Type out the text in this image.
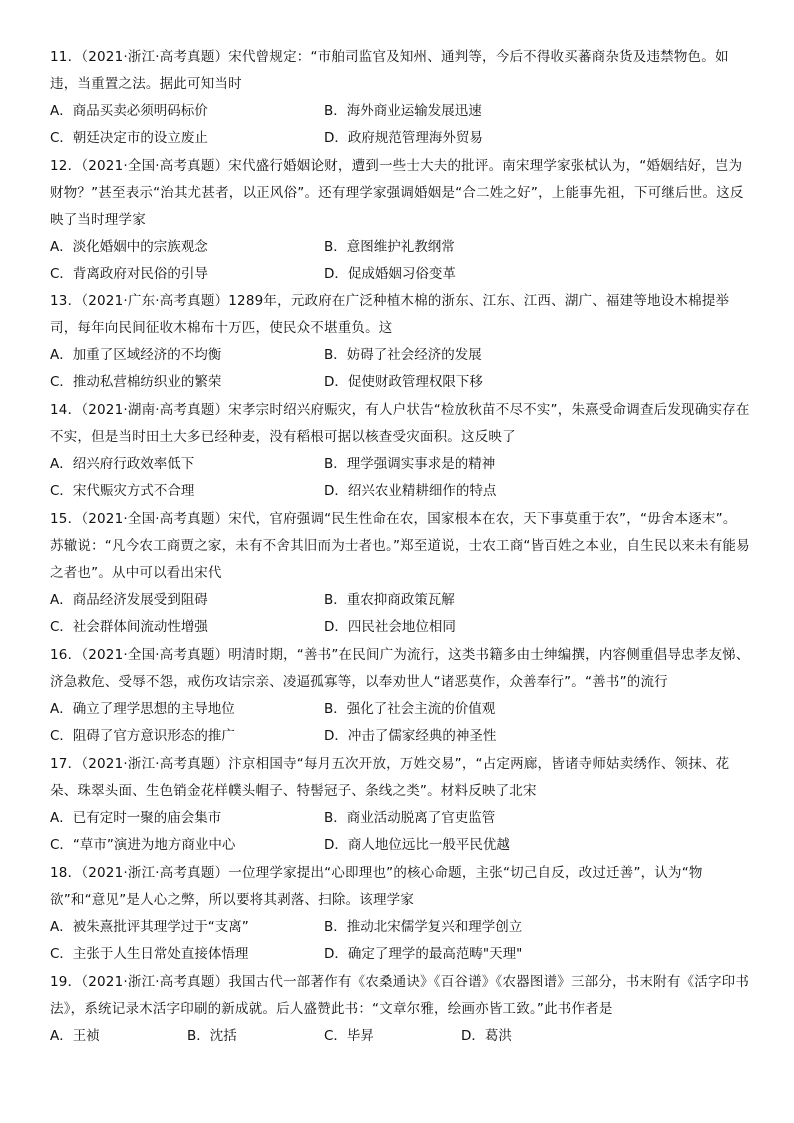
11．（2021·浙江·高考真题）宋代曾规定：“市舶司监官及知州、通判等，今后不得收买蕃商杂货及违禁物色。如违，当重置之法。据此可知当时

A．商品买卖必须明码标价	B．海外商业运输发展迅速
C．朝廷决定市的设立废止	D．政府规范管理海外贸易

12．（2021·全国·高考真题）宋代盛行婚姻论财，遭到一些士大夫的批评。南宋理学家张栻认为，“婚姻结好，岂为财物？”甚至表示“治其尤甚者，以正风俗”。还有理学家强调婚姻是“合二姓之好”，上能事先祖，下可继后世。这反映了当时理学家

A．淡化婚姻中的宗族观念	B．意图维护礼教纲常
C．背离政府对民俗的引导	D．促成婚姻习俗变革

13．（2021·广东·高考真题）1289年，元政府在广泛种植木棉的浙东、江东、江西、湖广、福建等地设木棉提举司，每年向民间征收木棉布十万匹，使民众不堪重负。这

A．加重了区域经济的不均衡	B．妨碍了社会经济的发展
C．推动私营棉纺织业的繁荣	D．促使财政管理权限下移

14．（2021·湖南·高考真题）宋孝宗时绍兴府赈灾，有人户状告“检放秋苗不尽不实”，朱熹受命调查后发现确实存在不实，但是当时田土大多已经种麦，没有稻根可据以核查受灾面积。这反映了

A．绍兴府行政效率低下	B．理学强调实事求是的精神
C．宋代赈灾方式不合理	D．绍兴农业精耕细作的特点

15．（2021·全国·高考真题）宋代，官府强调“民生性命在农，国家根本在农，天下事莫重于农”，“毋舍本逐末”。苏辙说：“凡今农工商贾之家，未有不舍其旧而为士者也。”郑至道说，士农工商“皆百姓之本业，自生民以来未有能易之者也”。从中可以看出宋代

A．商品经济发展受到阻碍	B．重农抑商政策瓦解
C．社会群体间流动性增强	D．四民社会地位相同

16．（2021·全国·高考真题）明清时期，“善书”在民间广为流行，这类书籍多由士绅编撰，内容侧重倡导忠孝友悌、济急救危、受辱不怨，戒伤攻诘宗亲、凌逼孤寡等，以奉劝世人“诸恶莫作，众善奉行”。“善书”的流行

A．确立了理学思想的主导地位	B．强化了社会主流的价值观
C．阻碍了官方意识形态的推广	D．冲击了儒家经典的神圣性

17．（2021·浙江·高考真题）汴京相国寺“每月五次开放，万姓交易”，“占定两廊，皆诸寺师姑卖绣作、领抹、花朵、珠翠头面、生色销金花样幞头帽子、特髻冠子、条线之类”。材料反映了北宋

A．已有定时一聚的庙会集市	B．商业活动脱离了官吏监管
C．“草市”演进为地方商业中心	D．商人地位远比一般平民优越

18．（2021·浙江·高考真题）一位理学家提出“心即理也”的核心命题，主张“切己自反，改过迁善”，认为“物欲”和“意见”是人心之弊，所以要将其剥落、扫除。该理学家

A．被朱熹批评其理学过于“支离”	B．推动北宋儒学复兴和理学创立
C．主张于人生日常处直接体悟理	D．确定了理学的最高范畴"天理"

19．（2021·浙江·高考真题）我国古代一部著作有《农桑通诀》《百谷谱》《农器图谱》三部分，书末附有《活字印书法》，系统记录木活字印刷的新成就。后人盛赞此书：“文章尔雅，绘画亦皆工致。”此书作者是

A．王祯	B．沈括	C．毕昇	D．葛洪
